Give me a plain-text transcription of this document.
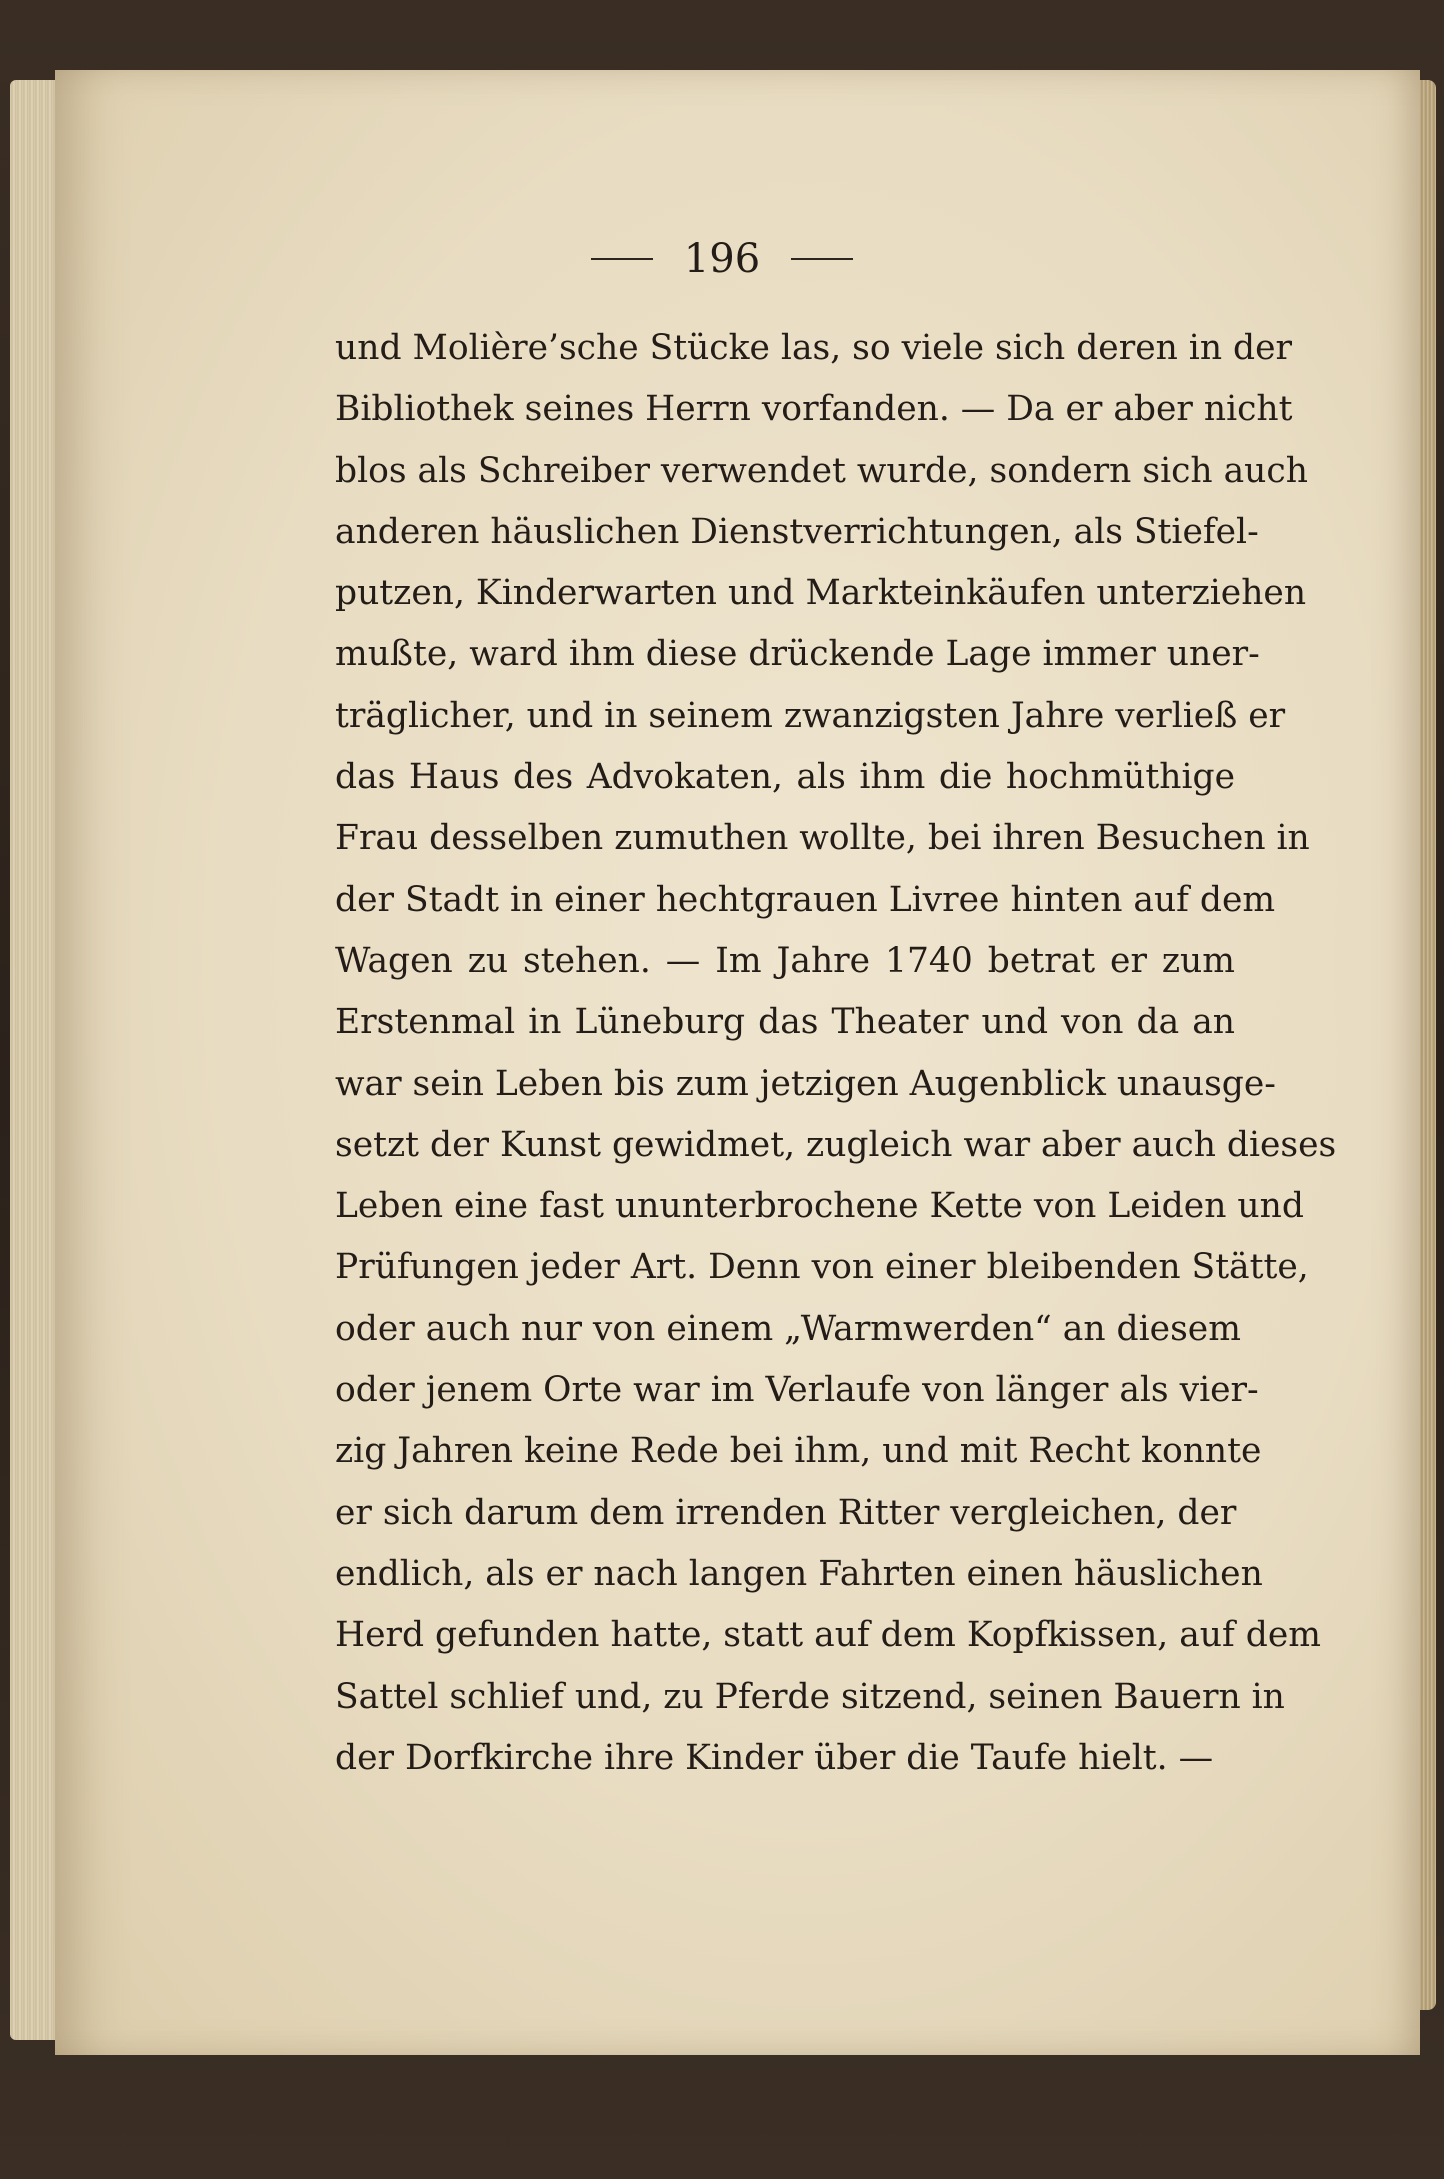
196
und Molière’sche Stücke las, so viele sich deren in der
Bibliothek seines Herrn vorfanden. — Da er aber nicht
blos als Schreiber verwendet wurde, sondern sich auch
anderen häuslichen Dienstverrichtungen, als Stiefel-
putzen, Kinderwarten und Markteinkäufen unterziehen
mußte, ward ihm diese drückende Lage immer uner-
träglicher, und in seinem zwanzigsten Jahre verließ er
das Haus des Advokaten, als ihm die hochmüthige
Frau desselben zumuthen wollte, bei ihren Besuchen in
der Stadt in einer hechtgrauen Livree hinten auf dem
Wagen zu stehen. — Im Jahre 1740 betrat er zum
Erstenmal in Lüneburg das Theater und von da an
war sein Leben bis zum jetzigen Augenblick unausge-
setzt der Kunst gewidmet, zugleich war aber auch dieses
Leben eine fast ununterbrochene Kette von Leiden und
Prüfungen jeder Art. Denn von einer bleibenden Stätte,
oder auch nur von einem „Warmwerden“ an diesem
oder jenem Orte war im Verlaufe von länger als vier-
zig Jahren keine Rede bei ihm, und mit Recht konnte
er sich darum dem irrenden Ritter vergleichen, der
endlich, als er nach langen Fahrten einen häuslichen
Herd gefunden hatte, statt auf dem Kopfkissen, auf dem
Sattel schlief und, zu Pferde sitzend, seinen Bauern in
der Dorfkirche ihre Kinder über die Taufe hielt. —
